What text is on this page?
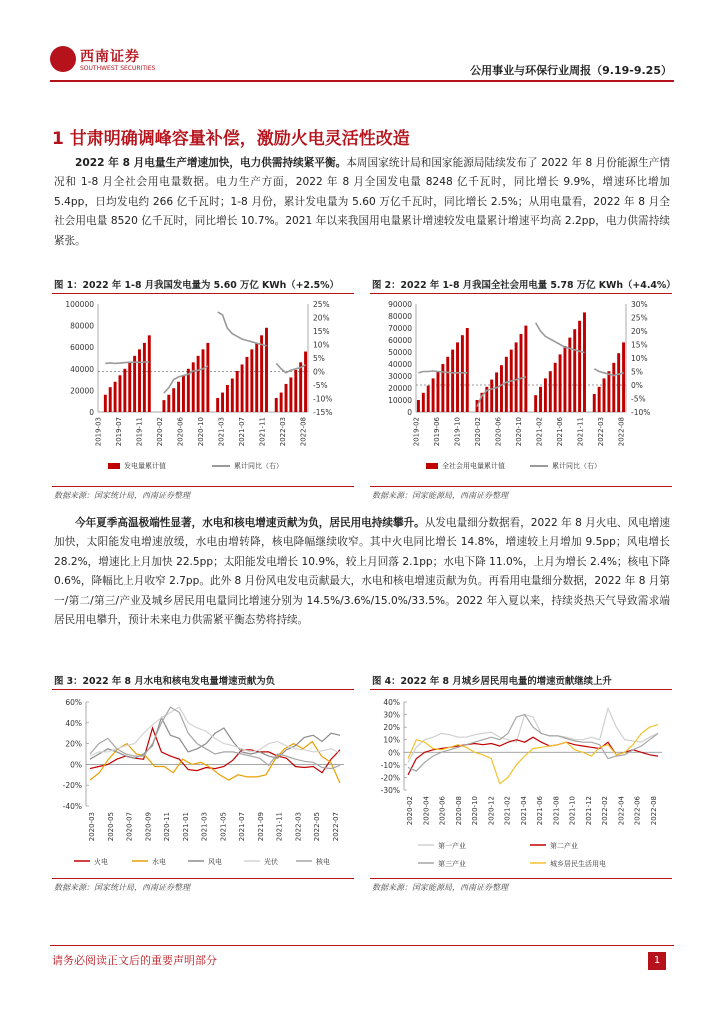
西南证券
SOUTHWEST SECURITIES	公用事业与环保行业周报（9.19-9.25）
1 甘肃明确调峰容量补偿，激励火电灵活性改造
2022 年 8 月电量生产增速加快，电力供需持续紧平衡。本周国家统计局和国家能源局陆续发布了 2022 年 8 月份能源生产情况和 1-8 月全社会用电量数据。电力生产方面，2022 年 8 月全国发电量 8248 亿千瓦时，同比增长 9.9%，增速环比增加 5.4pp，日均发电约 266 亿千瓦时；1-8 月份，累计发电量为 5.60 万亿千瓦时，同比增长 2.5%；从用电量看，2022 年 8 月全社会用电量 8520 亿千瓦时，同比增长 10.7%。2021 年以来我国用电量累计增速较发电量累计增速平均高 2.2pp，电力供需持续紧张。
图 1：2022 年 1-8 月我国发电量为 5.60 万亿 KWh（+2.5%）
0
20000
40000
60000
80000
100000	25%
20%
15%
10%
5%
0%
-5%
-10%
-15%
2019-03 2019-07 2019-11 2020-02 2020-06 2020-10 2021-03 2021-07 2021-11 2022-03 2022-08
发电量累计值	累计同比（右）
数据来源：国家统计局，西南证券整理
图 2：2022 年 1-8 月我国全社会用电量 5.78 万亿 KWh（+4.4%）
0
10000
20000
30000
40000
50000
60000
70000
80000
90000	30%
25%
20%
15%
10%
5%
0%
-5%
-10%
2019-02 2019-06 2019-10 2020-02 2020-06 2020-10 2021-02 2021-06 2021-11 2022-03 2022-08
全社会用电量累计值	累计同比（右）
数据来源：国家能源局，西南证券整理
今年夏季高温极端性显著，水电和核电增速贡献为负，居民用电持续攀升。从发电量细分数据看，2022 年 8 月火电、风电增速加快，太阳能发电增速放缓，水电由增转降，核电降幅继续收窄。其中火电同比增长 14.8%，增速较上月增加 9.5pp；风电增长 28.2%，增速比上月加快 22.5pp；太阳能发电增长 10.9%，较上月回落 2.1pp；水电下降 11.0%，上月为增长 2.4%；核电下降 0.6%，降幅比上月收窄 2.7pp。此外 8 月份风电发电贡献最大，水电和核电增速贡献为负。再看用电量细分数据，2022 年 8 月第一/第二/第三/产业及城乡居民用电量同比增速分别为 14.5%/3.6%/15.0%/33.5%。2022 年入夏以来，持续炎热天气导致需求端居民用电攀升，预计未来电力供需紧平衡态势将持续。
图 3：2022 年 8 月水电和核电发电量增速贡献为负
60%
40%
20%
0%
-20%
-40%
2020-03 2020-05 2020-07 2020-09 2020-11 2021-01 2021-03 2021-05 2021-07 2021-09 2021-11 2022-03 2022-05 2022-07
火电	水电	风电	光伏	核电
数据来源：国家统计局，西南证券整理
图 4：2022 年 8 月城乡居民用电量的增速贡献继续上升
40%
30%
20%
10%
0%
-10%
-20%
-30%
2020-02 2020-04 2020-06 2020-08 2020-10 2020-12 2021-02 2021-04 2021-06 2021-08 2021-10 2021-12 2022-02 2022-04 2022-06 2022-08
第一产业	第二产业
第三产业	城乡居民生活用电
数据来源：国家能源局，西南证券整理
请务必阅读正文后的重要声明部分	1
